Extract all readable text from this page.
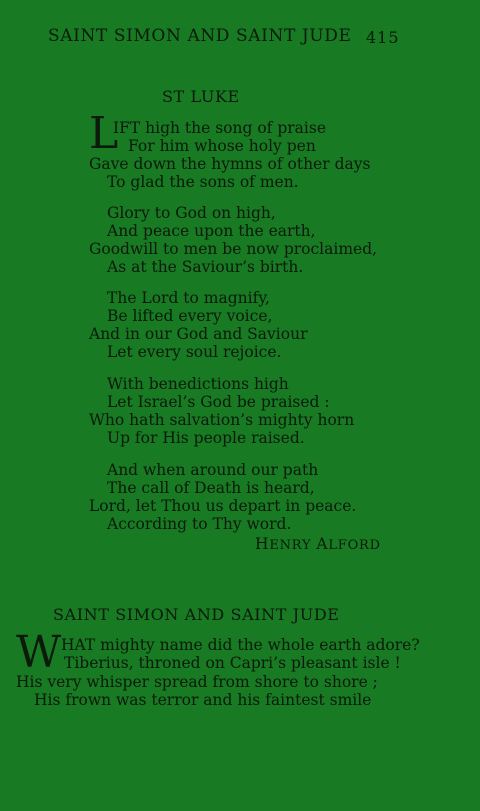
SAINT SIMON AND SAINT JUDE 415
ST LUKE
L
IFT high the song of praise
For him whose holy pen
Gave down the hymns of other days
To glad the sons of men.
Glory to God on high,
And peace upon the earth,
Goodwill to men be now proclaimed,
As at the Saviour’s birth.
The Lord to magnify,
Be lifted every voice,
And in our God and Saviour
Let every soul rejoice.
With benedictions high
Let Israel’s God be praised :
Who hath salvation’s mighty horn
Up for His people raised.
And when around our path
The call of Death is heard,
Lord, let Thou us depart in peace.
According to Thy word.
HENRY ALFORD
SAINT SIMON AND SAINT JUDE
W HAT mighty name did the whole earth adore?
Tiberius, throned on Capri’s pleasant isle !
His very whisper spread from shore to shore ;
His frown was terror and his faintest smile
